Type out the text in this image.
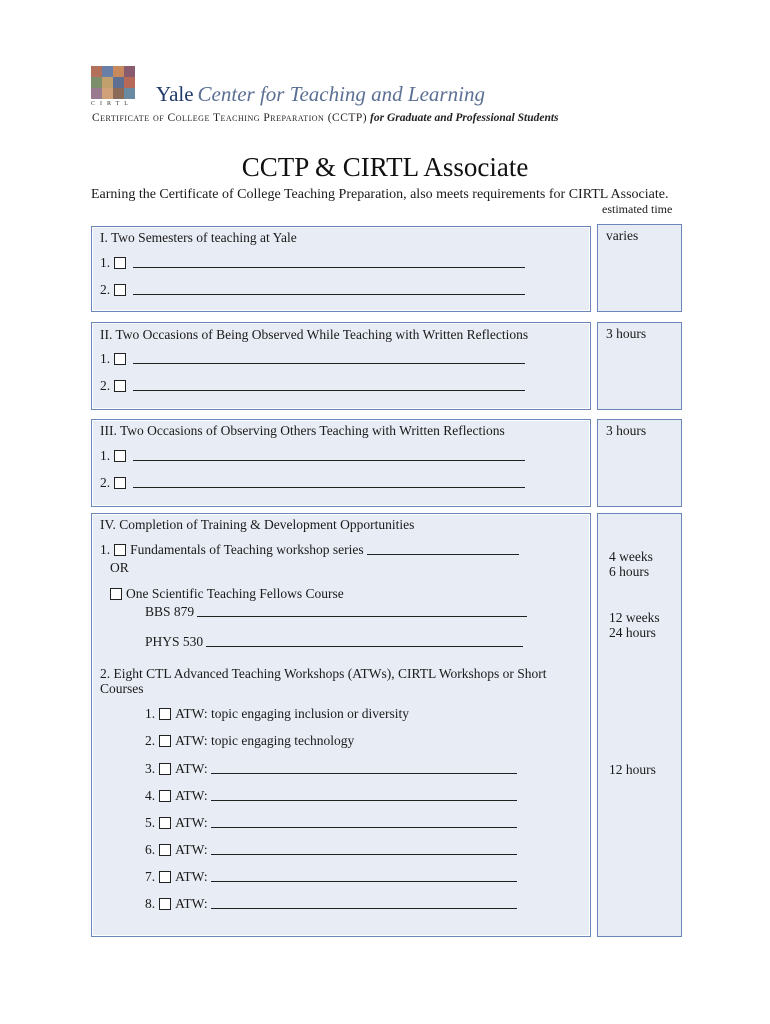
CIRTL Yale Center for Teaching and Learning
Certificate of College Teaching Preparation (CCTP) for Graduate and Professional Students
CCTP & CIRTL Associate
Earning the Certificate of College Teaching Preparation, also meets requirements for CIRTL Associate.
estimated time
I. Two Semesters of teaching at Yale
1.
2.
varies
II. Two Occasions of Being Observed While Teaching with Written Reflections
1.
2.
3 hours
III. Two Occasions of Observing Others Teaching with Written Reflections
1.
2.
3 hours
IV. Completion of Training & Development Opportunities
1. Fundamentals of Teaching workshop series
OR
One Scientific Teaching Fellows Course
BBS 879
PHYS 530
2. Eight CTL Advanced Teaching Workshops (ATWs), CIRTL Workshops or Short
Courses
1. ATW: topic engaging inclusion or diversity
2. ATW: topic engaging technology
3. ATW:
4. ATW:
5. ATW:
6. ATW:
7. ATW:
8. ATW:
4 weeks
6 hours
12 weeks
24 hours
12 hours
